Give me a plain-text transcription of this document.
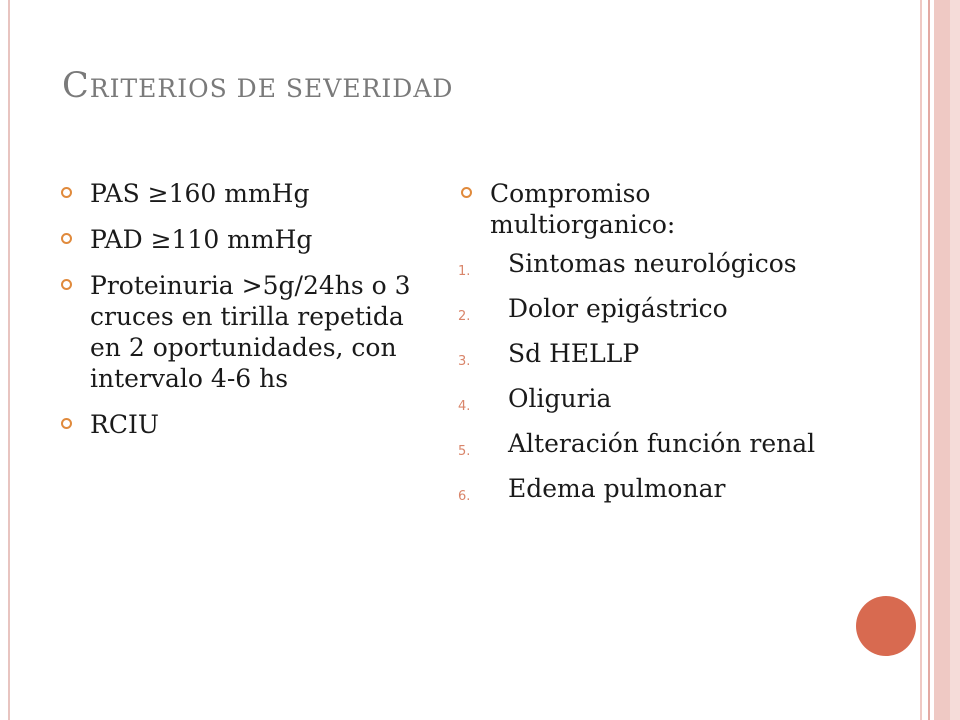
CRITERIOS DE SEVERIDAD
PAS ≥160 mmHg
PAD ≥110 mmHg
Proteinuria >5g/24hs o 3 cruces en tirilla repetida en 2 oportunidades, con intervalo 4-6 hs
RCIU
Compromiso multiorganico:
1.	Sintomas neurológicos
2.	Dolor epigástrico
3.	Sd HELLP
4.	Oliguria
5.	Alteración función renal
6.	Edema pulmonar
